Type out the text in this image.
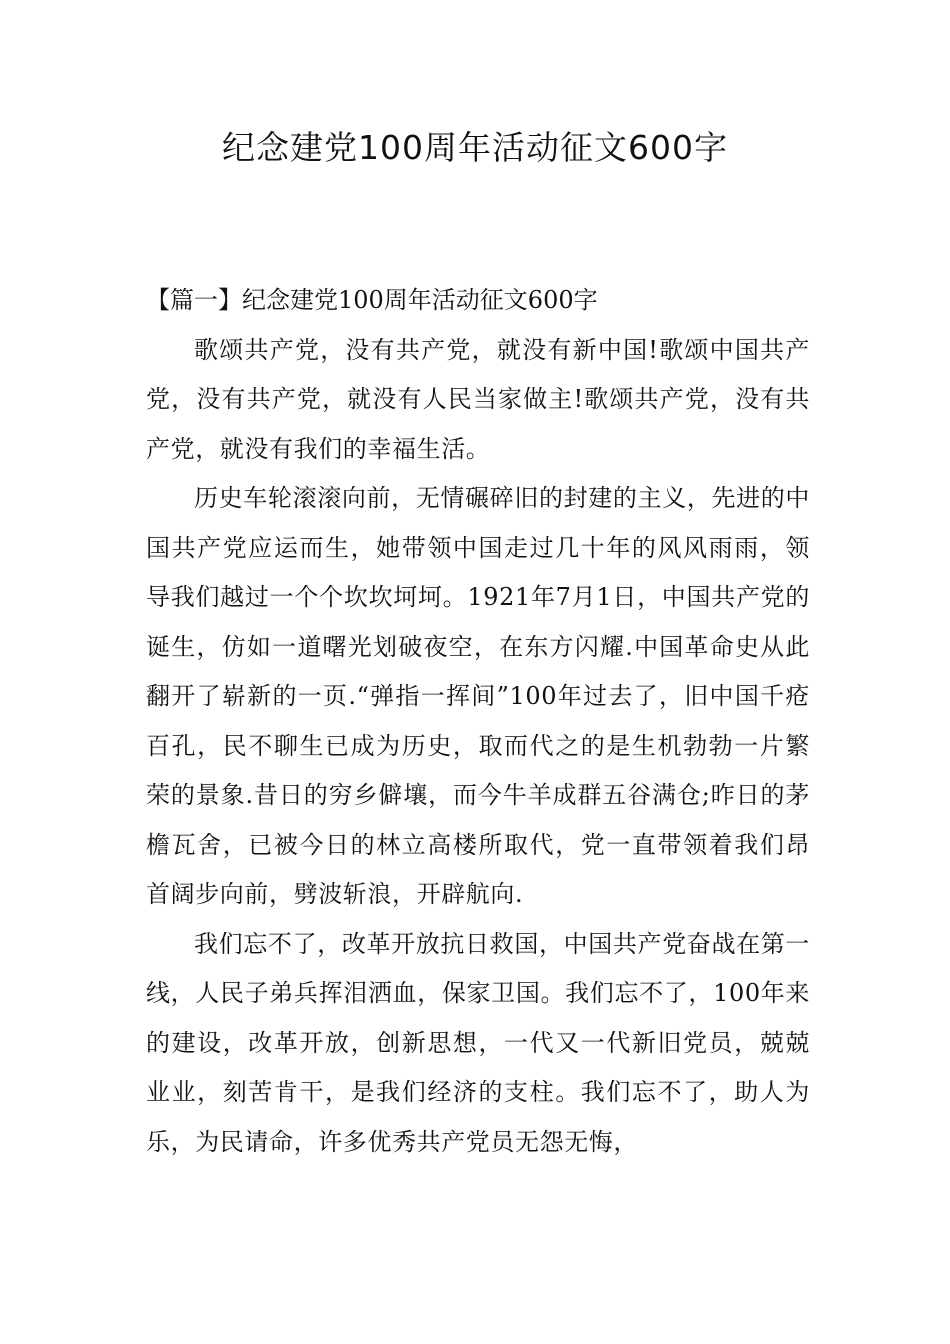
纪念建党100周年活动征文600字

【篇一】纪念建党100周年活动征文600字

歌颂共产党，没有共产党，就没有新中国!歌颂中国共产党，没有共产党，就没有人民当家做主!歌颂共产党，没有共产党，就没有我们的幸福生活。

历史车轮滚滚向前，无情碾碎旧的封建的主义，先进的中国共产党应运而生，她带领中国走过几十年的风风雨雨，领导我们越过一个个坎坎坷坷。1921年7月1日，中国共产党的诞生，仿如一道曙光划破夜空，在东方闪耀.中国革命史从此翻开了崭新的一页.“弹指一挥间”100年过去了，旧中国千疮百孔，民不聊生已成为历史，取而代之的是生机勃勃一片繁荣的景象.昔日的穷乡僻壤，而今牛羊成群五谷满仓;昨日的茅檐瓦舍，已被今日的林立高楼所取代，党一直带领着我们昂首阔步向前，劈波斩浪，开辟航向.

我们忘不了，改革开放抗日救国，中国共产党奋战在第一线，人民子弟兵挥泪洒血，保家卫国。我们忘不了，100年来的建设，改革开放，创新思想，一代又一代新旧党员，兢兢业业，刻苦肯干，是我们经济的支柱。我们忘不了，助人为乐，为民请命，许多优秀共产党员无怨无悔，
